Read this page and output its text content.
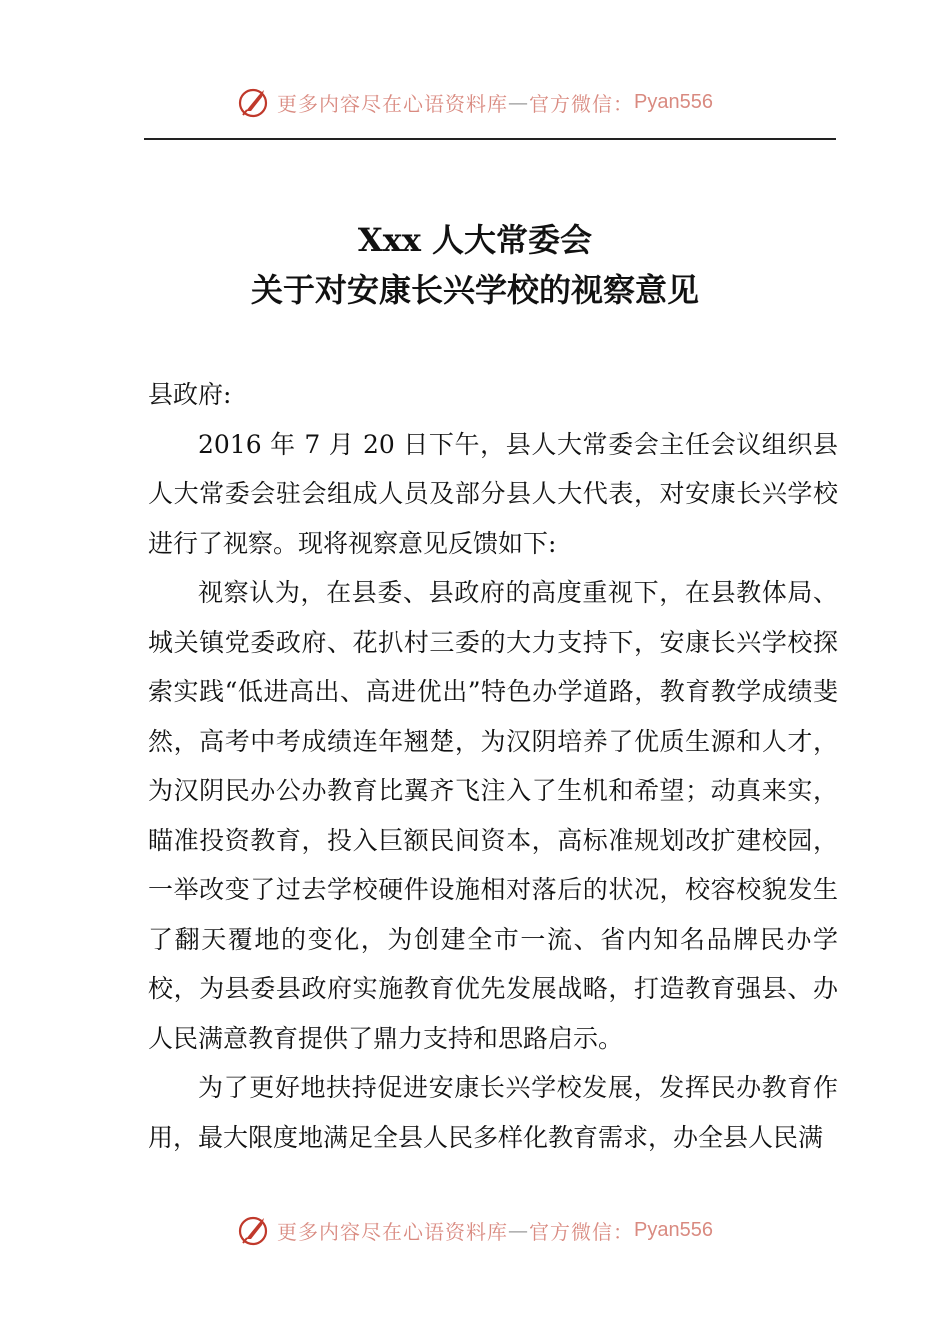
更多内容尽在心语资料库 — 官方微信： Pyan556
Xxx 人大常委会
关于对安康长兴学校的视察意见

县政府:

2016 年 7 月 20 日下午，县人大常委会主任会议组织县人大常委会驻会组成人员及部分县人大代表，对安康长兴学校进行了视察。现将视察意见反馈如下:

视察认为，在县委、县政府的高度重视下，在县教体局、城关镇党委政府、花扒村三委的大力支持下，安康长兴学校探索实践“低进高出、高进优出”特色办学道路，教育教学成绩斐然，高考中考成绩连年翘楚，为汉阴培养了优质生源和人才，为汉阴民办公办教育比翼齐飞注入了生机和希望；动真来实，瞄准投资教育，投入巨额民间资本，高标准规划改扩建校园，一举改变了过去学校硬件设施相对落后的状况，校容校貌发生了翻天覆地的变化，为创建全市一流、省内知名品牌民办学校，为县委县政府实施教育优先发展战略，打造教育强县、办人民满意教育提供了鼎力支持和思路启示。

为了更好地扶持促进安康长兴学校发展，发挥民办教育作用，最大限度地满足全县人民多样化教育需求，办全县人民满

更多内容尽在心语资料库 — 官方微信： Pyan556
